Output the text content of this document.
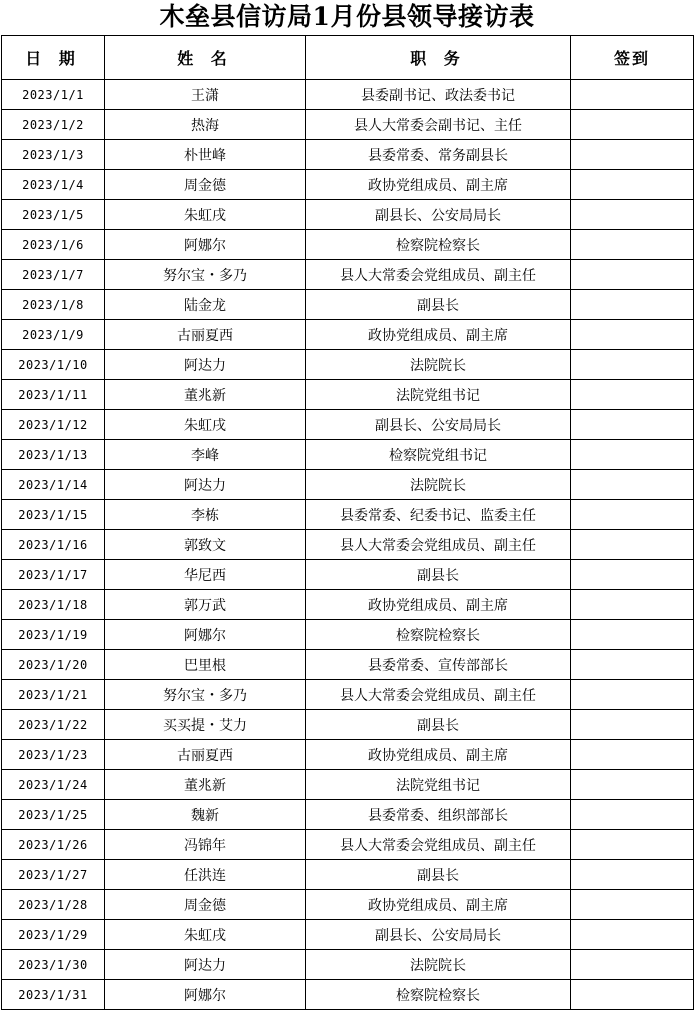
木垒县信访局1月份县领导接访表
日 期	姓 名	职 务	签到
2023/1/1	王潇	县委副书记、政法委书记	
2023/1/2	热海	县人大常委会副书记、主任	
2023/1/3	朴世峰	县委常委、常务副县长	
2023/1/4	周金德	政协党组成员、副主席	
2023/1/5	朱虹戌	副县长、公安局局长	
2023/1/6	阿娜尔	检察院检察长	
2023/1/7	努尔宝・多乃	县人大常委会党组成员、副主任	
2023/1/8	陆金龙	副县长	
2023/1/9	古丽夏西	政协党组成员、副主席	
2023/1/10	阿达力	法院院长	
2023/1/11	董兆新	法院党组书记	
2023/1/12	朱虹戌	副县长、公安局局长	
2023/1/13	李峰	检察院党组书记	
2023/1/14	阿达力	法院院长	
2023/1/15	李栋	县委常委、纪委书记、监委主任	
2023/1/16	郭致文	县人大常委会党组成员、副主任	
2023/1/17	华尼西	副县长	
2023/1/18	郭万武	政协党组成员、副主席	
2023/1/19	阿娜尔	检察院检察长	
2023/1/20	巴里根	县委常委、宣传部部长	
2023/1/21	努尔宝・多乃	县人大常委会党组成员、副主任	
2023/1/22	买买提・艾力	副县长	
2023/1/23	古丽夏西	政协党组成员、副主席	
2023/1/24	董兆新	法院党组书记	
2023/1/25	魏新	县委常委、组织部部长	
2023/1/26	冯锦年	县人大常委会党组成员、副主任	
2023/1/27	任洪连	副县长	
2023/1/28	周金德	政协党组成员、副主席	
2023/1/29	朱虹戌	副县长、公安局局长	
2023/1/30	阿达力	法院院长	
2023/1/31	阿娜尔	检察院检察长	
